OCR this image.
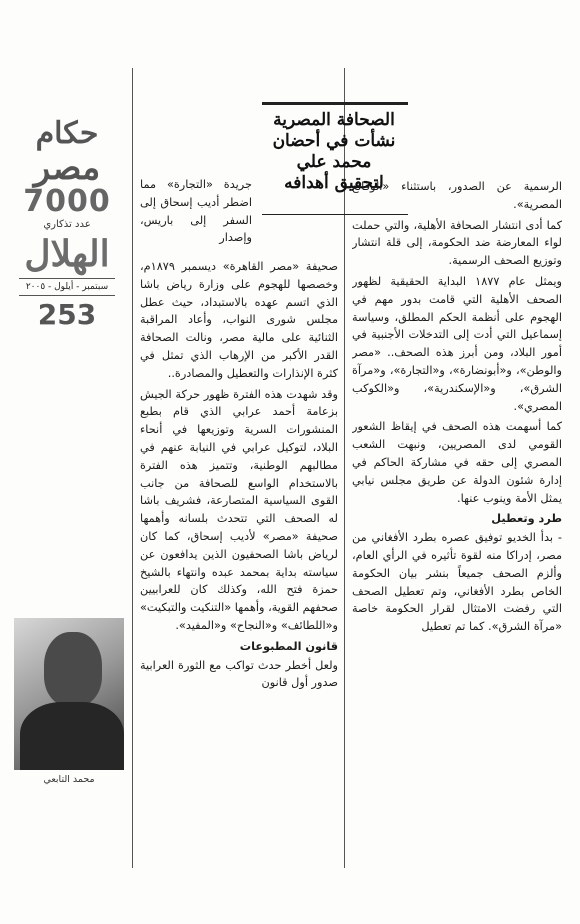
حكام
مصر
7000
عدد تذكاري
الهلال
سبتمبر - أيلول - ٢٠٠٥
253
محمد التابعي
الصحافة المصرية
نشأت في أحضان
محمد علي
لتحقيق أهدافه

الرسمية عن الصدور، باستثناء «الوقائع المصرية».

كما أدى انتشار الصحافة الأهلية، والتي حملت لواء المعارضة ضد الحكومة، إلى قلة انتشار وتوزيع الصحف الرسمية.

ويمثل عام ١٨٧٧ البداية الحقيقية لظهور الصحف الأهلية التي قامت بدور مهم في الهجوم على أنظمة الحكم المطلق، وسياسة إسماعيل التي أدت إلى التدخلات الأجنبية في أمور البلاد، ومن أبرز هذه الصحف.. «مصر والوطن»، و«أبونضارة»، و«التجارة»، و«مرآة الشرق»، و«الإسكندرية»، و«الكوكب المصري».

كما أسهمت هذه الصحف في إيقاظ الشعور القومي لدى المصريين، ونبهت الشعب المصري إلى حقه في مشاركة الحاكم في إدارة شئون الدولة عن طريق مجلس نيابي يمثل الأمة وينوب عنها.

طرد وتعطيل

- بدأ الخديو توفيق عصره بطرد الأفغاني من مصر، إدراكا منه لقوة تأثيره في الرأي العام، وألزم الصحف جميعاً بنشر بيان الحكومة الخاص بطرد الأفغاني، وتم تعطيل الصحف التي رفضت الامتثال لقرار الحكومة خاصة «مرآة الشرق». كما تم تعطيل

جريدة «التجارة» مما اضطر أديب إسحاق إلى السفر إلى باريس، وإصدار

صحيفة «مصر القاهرة» ديسمبر ١٨٧٩م، وخصصها للهجوم على وزارة رياض باشا الذي اتسم عهده بالاستبداد، حيث عطل مجلس شورى النواب، وأعاد المراقبة الثنائية على مالية مصر، ونالت الصحافة القدر الأكبر من الإرهاب الذي تمثل في كثرة الإنذارات والتعطيل والمصادرة..

وقد شهدت هذه الفترة ظهور حركة الجيش بزعامة أحمد عرابي الذي قام بطبع المنشورات السرية وتوزيعها في أنحاء البلاد، لتوكيل عرابي في النيابة عنهم في مطالبهم الوطنية، وتتميز هذه الفترة بالاستخدام الواسع للصحافة من جانب القوى السياسية المتصارعة، فشريف باشا له الصحف التي تتحدث بلسانه وأهمها صحيفة «مصر» لأديب إسحاق، كما كان لرياض باشا الصحفيون الذين يدافعون عن سياسته بداية بمحمد عبده وانتهاء بالشيخ حمزة فتح الله، وكذلك كان للعرابيين صحفهم القوية، وأهمها «التنكيت والتبكيت» و«اللطائف» و«النجاح» و«المفيد».

قانون المطبوعات

ولعل أخطر حدث تواكب مع الثورة العرابية صدور أول قانون
